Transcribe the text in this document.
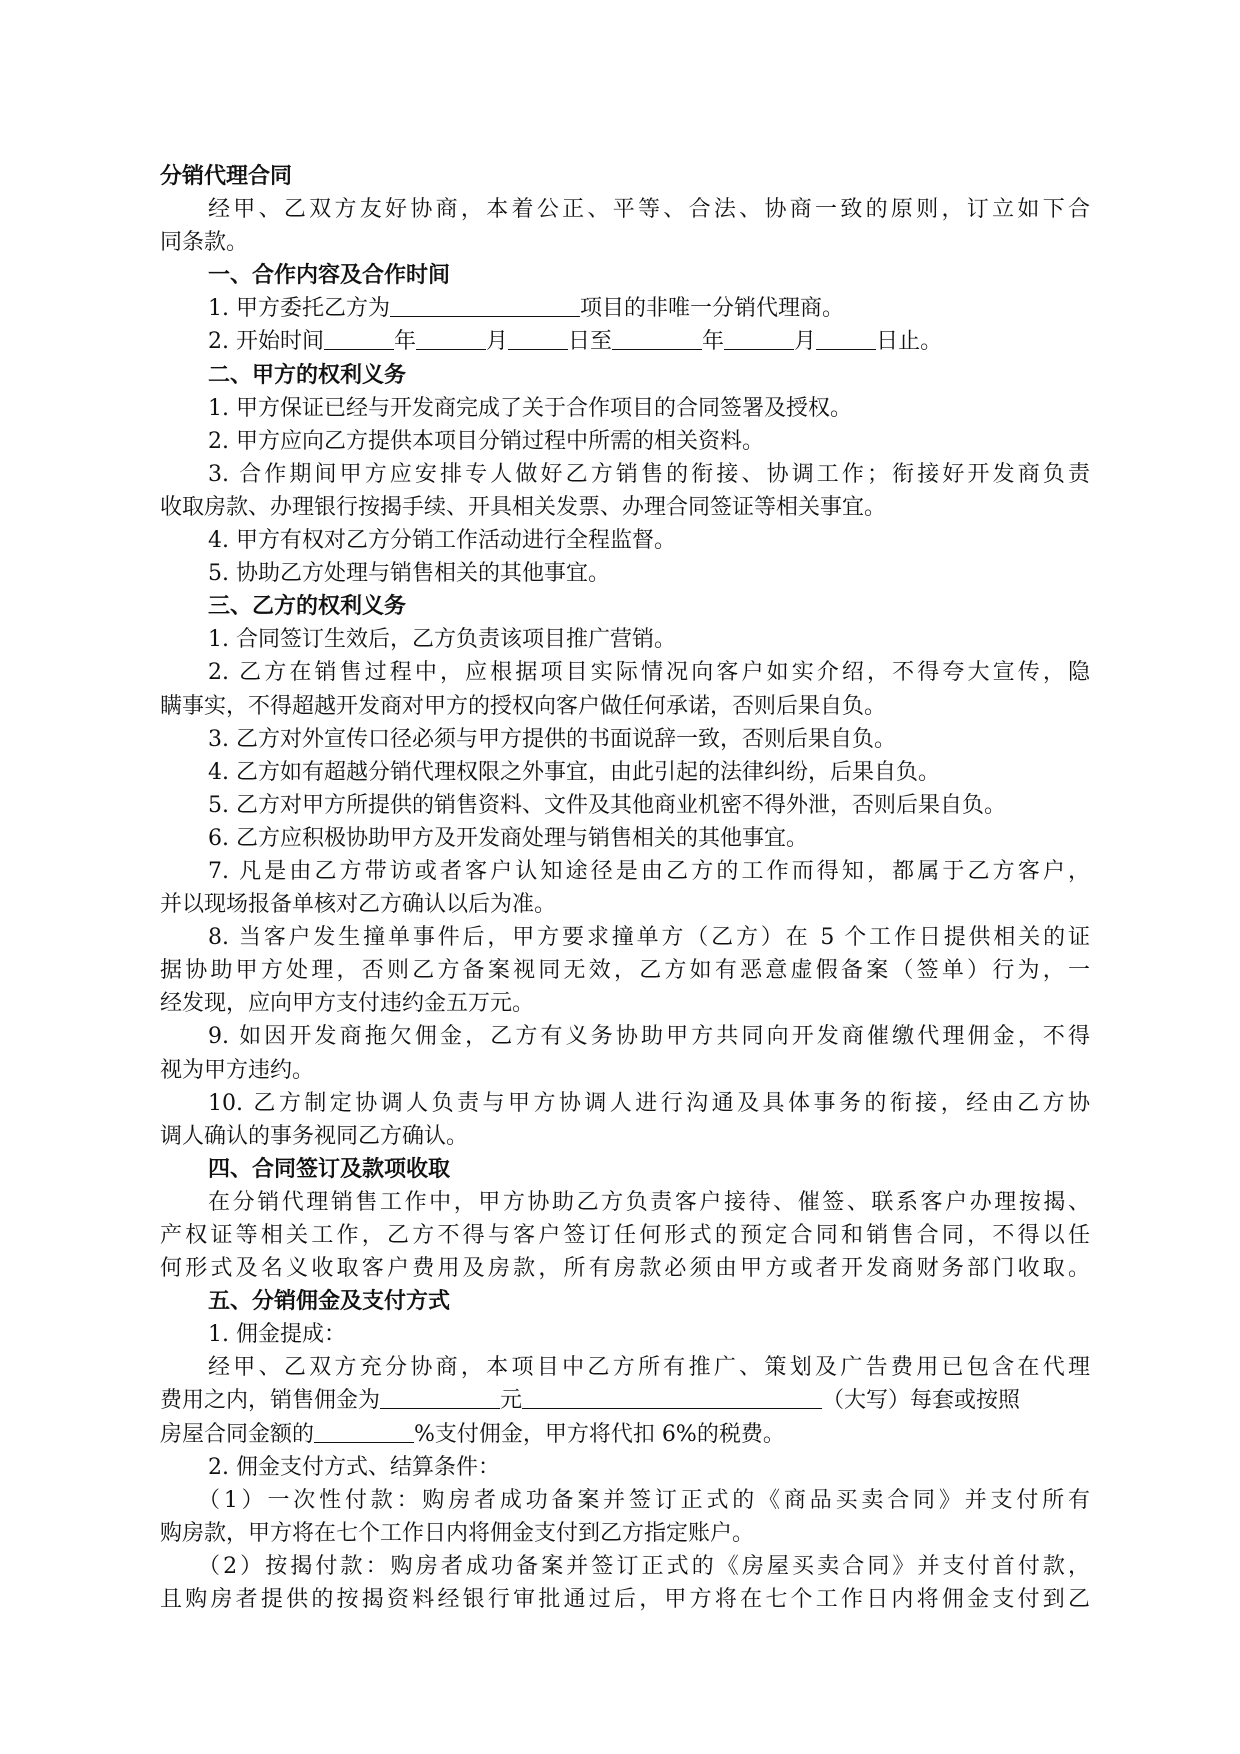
分销代理合同
经甲、乙双方友好协商，本着公正、平等、合法、协商一致的原则，订立如下合
同条款。
一、合作内容及合作时间
1. 甲方委托乙方为	项目的非唯一分销代理商。
2. 开始时间	年	月	日至	年	月	日止。
二、甲方的权利义务
1. 甲方保证已经与开发商完成了关于合作项目的合同签署及授权。
2. 甲方应向乙方提供本项目分销过程中所需的相关资料。
3. 合作期间甲方应安排专人做好乙方销售的衔接、协调工作；衔接好开发商负责
收取房款、办理银行按揭手续、开具相关发票、办理合同签证等相关事宜。
4. 甲方有权对乙方分销工作活动进行全程监督。
5. 协助乙方处理与销售相关的其他事宜。
三、乙方的权利义务
1. 合同签订生效后，乙方负责该项目推广营销。
2. 乙方在销售过程中，应根据项目实际情况向客户如实介绍，不得夸大宣传，隐
瞒事实，不得超越开发商对甲方的授权向客户做任何承诺，否则后果自负。
3. 乙方对外宣传口径必须与甲方提供的书面说辞一致，否则后果自负。
4. 乙方如有超越分销代理权限之外事宜，由此引起的法律纠纷，后果自负。
5. 乙方对甲方所提供的销售资料、文件及其他商业机密不得外泄，否则后果自负。
6. 乙方应积极协助甲方及开发商处理与销售相关的其他事宜。
7. 凡是由乙方带访或者客户认知途径是由乙方的工作而得知，都属于乙方客户，
并以现场报备单核对乙方确认以后为准。
8. 当客户发生撞单事件后，甲方要求撞单方（乙方）在 5 个工作日提供相关的证
据协助甲方处理，否则乙方备案视同无效，乙方如有恶意虚假备案（签单）行为，一
经发现，应向甲方支付违约金五万元。
9. 如因开发商拖欠佣金，乙方有义务协助甲方共同向开发商催缴代理佣金，不得
视为甲方违约。
10. 乙方制定协调人负责与甲方协调人进行沟通及具体事务的衔接，经由乙方协
调人确认的事务视同乙方确认。
四、合同签订及款项收取
在分销代理销售工作中，甲方协助乙方负责客户接待、催签、联系客户办理按揭、
产权证等相关工作，乙方不得与客户签订任何形式的预定合同和销售合同，不得以任
何形式及名义收取客户费用及房款，所有房款必须由甲方或者开发商财务部门收取。
五、分销佣金及支付方式
1. 佣金提成：
经甲、乙双方充分协商，本项目中乙方所有推广、策划及广告费用已包含在代理
费用之内，销售佣金为	元	（大写）每套或按照
房屋合同金额的	%支付佣金，甲方将代扣 6%的税费。
2. 佣金支付方式、结算条件：
（1）一次性付款：购房者成功备案并签订正式的《商品买卖合同》并支付所有
购房款，甲方将在七个工作日内将佣金支付到乙方指定账户。
（2）按揭付款：购房者成功备案并签订正式的《房屋买卖合同》并支付首付款，
且购房者提供的按揭资料经银行审批通过后，甲方将在七个工作日内将佣金支付到乙
